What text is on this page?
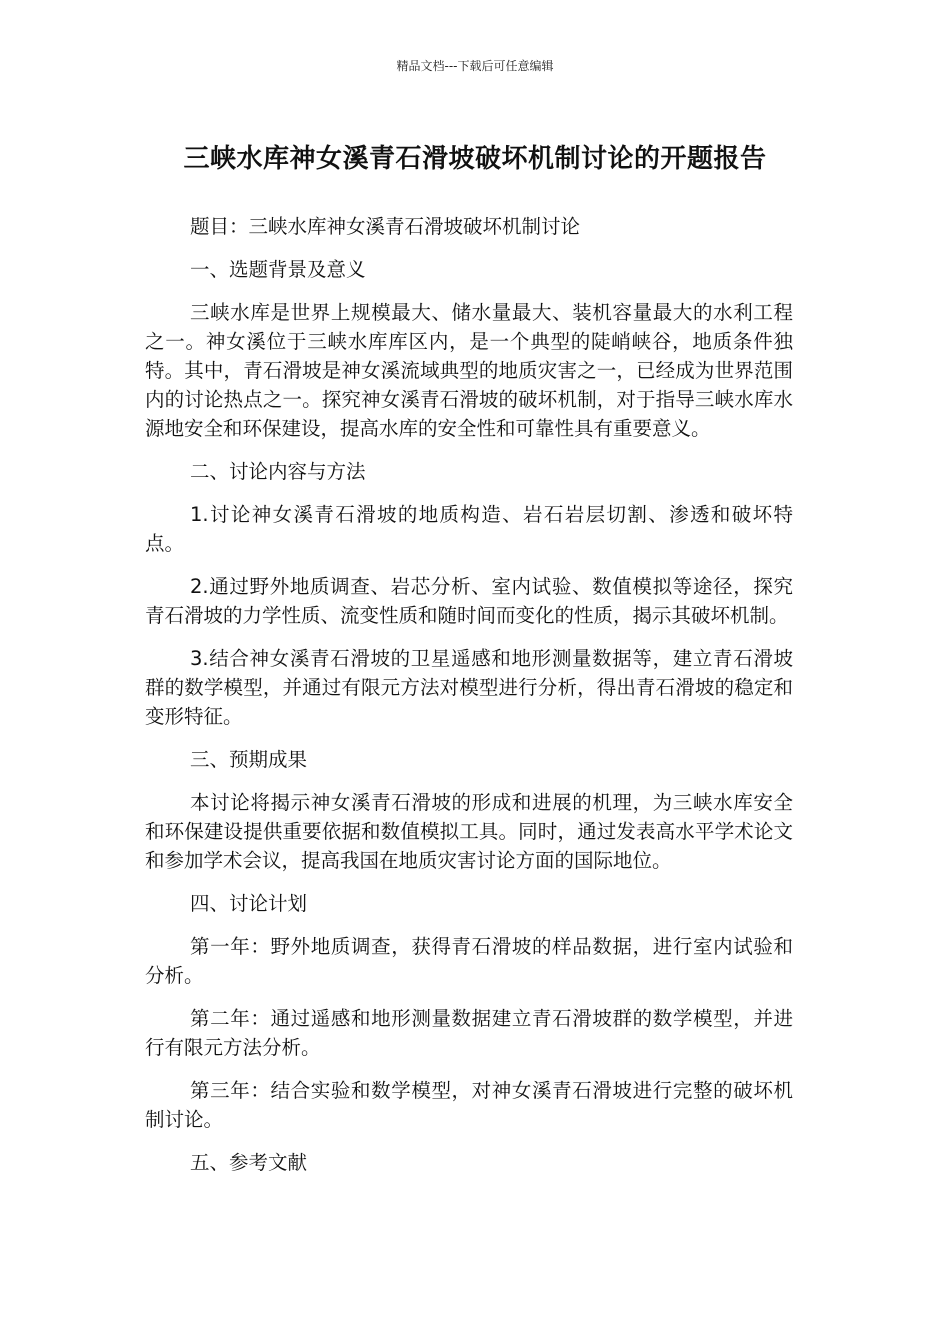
精品文档---下载后可任意编辑
三峡水库神女溪青石滑坡破坏机制讨论的开题报告

题目：三峡水库神女溪青石滑坡破坏机制讨论

一、选题背景及意义

三峡水库是世界上规模最大、储水量最大、装机容量最大的水利工程之一。神女溪位于三峡水库库区内，是一个典型的陡峭峡谷，地质条件独特。其中，青石滑坡是神女溪流域典型的地质灾害之一，已经成为世界范围内的讨论热点之一。探究神女溪青石滑坡的破坏机制，对于指导三峡水库水源地安全和环保建设，提高水库的安全性和可靠性具有重要意义。

二、讨论内容与方法

1.讨论神女溪青石滑坡的地质构造、岩石岩层切割、渗透和破坏特点。

2.通过野外地质调查、岩芯分析、室内试验、数值模拟等途径，探究青石滑坡的力学性质、流变性质和随时间而变化的性质，揭示其破坏机制。

3.结合神女溪青石滑坡的卫星遥感和地形测量数据等，建立青石滑坡群的数学模型，并通过有限元方法对模型进行分析，得出青石滑坡的稳定和变形特征。

三、预期成果

本讨论将揭示神女溪青石滑坡的形成和进展的机理，为三峡水库安全和环保建设提供重要依据和数值模拟工具。同时，通过发表高水平学术论文和参加学术会议，提高我国在地质灾害讨论方面的国际地位。

四、讨论计划

第一年：野外地质调查，获得青石滑坡的样品数据，进行室内试验和分析。

第二年：通过遥感和地形测量数据建立青石滑坡群的数学模型，并进行有限元方法分析。

第三年：结合实验和数学模型，对神女溪青石滑坡进行完整的破坏机制讨论。

五、参考文献
